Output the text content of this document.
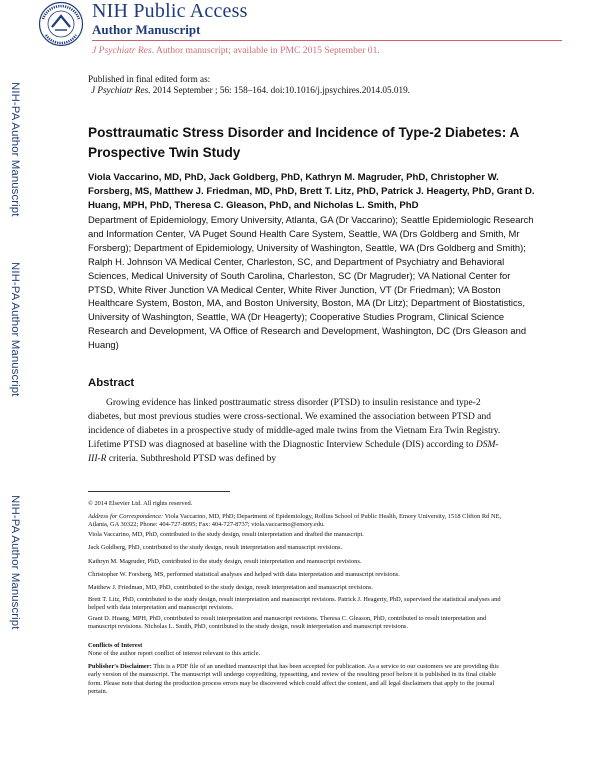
NIH Public Access
Author Manuscript
J Psychiatr Res. Author manuscript; available in PMC 2015 September 01.
Published in final edited form as:
J Psychiatr Res. 2014 September ; 56: 158–164. doi:10.1016/j.jpsychires.2014.05.019.
NIH-PA Author Manuscript
NIH-PA Author Manuscript
NIH-PA Author Manuscript
Posttraumatic Stress Disorder and Incidence of Type-2 Diabetes: A Prospective Twin Study
Viola Vaccarino, MD, PhD, Jack Goldberg, PhD, Kathryn M. Magruder, PhD, Christopher W. Forsberg, MS, Matthew J. Friedman, MD, PhD, Brett T. Litz, PhD, Patrick J. Heagerty, PhD, Grant D. Huang, MPH, PhD, Theresa C. Gleason, PhD, and Nicholas L. Smith, PhD
Department of Epidemiology, Emory University, Atlanta, GA (Dr Vaccarino); Seattle Epidemiologic Research and Information Center, VA Puget Sound Health Care System, Seattle, WA (Drs Goldberg and Smith, Mr Forsberg); Department of Epidemiology, University of Washington, Seattle, WA (Drs Goldberg and Smith); Ralph H. Johnson VA Medical Center, Charleston, SC, and Department of Psychiatry and Behavioral Sciences, Medical University of South Carolina, Charleston, SC (Dr Magruder); VA National Center for PTSD, White River Junction VA Medical Center, White River Junction, VT (Dr Friedman); VA Boston Healthcare System, Boston, MA, and Boston University, Boston, MA (Dr Litz); Department of Biostatistics, University of Washington, Seattle, WA (Dr Heagerty); Cooperative Studies Program, Clinical Science Research and Development, VA Office of Research and Development, Washington, DC (Drs Gleason and Huang)
Abstract
Growing evidence has linked posttraumatic stress disorder (PTSD) to insulin resistance and type-2 diabetes, but most previous studies were cross-sectional. We examined the association between PTSD and incidence of diabetes in a prospective study of middle-aged male twins from the Vietnam Era Twin Registry. Lifetime PTSD was diagnosed at baseline with the Diagnostic Interview Schedule (DIS) according to DSM-III-R criteria. Subthreshold PTSD was defined by
© 2014 Elsevier Ltd. All rights reserved.
Address for Correspondence: Viola Vaccarino, MD, PhD; Department of Epidemiology, Rollins School of Public Health, Emory University, 1518 Clifton Rd NE, Atlanta, GA 30322; Phone: 404-727-8095; Fax: 404-727-8737; viola.vaccarino@emory.edu.
Viola Vaccarino, MD, PhD, contributed to the study design, result interpretation and drafted the manuscript.
Jack Goldberg, PhD, contributed to the study design, result interpretation and manuscript revisions.
Kathryn M. Magruder, PhD, contributed to the study design, result interpretation and manuscript revisions.
Christopher W. Forsberg, MS, performed statistical analyses and helped with data interpretation and manuscript revisions.
Matthew J. Friedman, MD, PhD, contributed to the study design, result interpretation and manuscript revisions.
Brett T. Litz, PhD, contributed to the study design, result interpretation and manuscript revisions. Patrick J. Heagerty, PhD, supervised the statistical analyses and helped with data interpretation and manuscript revisions.
Grant D. Huang, MPH, PhD, contributed to result interpretation and manuscript revisions. Theresa C. Gleason, PhD, contributed to result interpretation and manuscript revisions. Nicholas L. Smith, PhD, contributed to the study design, result interpretation and manuscript revisions.
Conflicts of Interest
None of the author report conflict of interest relevant to this article.
Publisher's Disclaimer: This is a PDF file of an unedited manuscript that has been accepted for publication. As a service to our customers we are providing this early version of the manuscript. The manuscript will undergo copyediting, typesetting, and review of the resulting proof before it is published in its final citable form. Please note that during the production process errors may be discovered which could affect the content, and all legal disclaimers that apply to the journal pertain.
